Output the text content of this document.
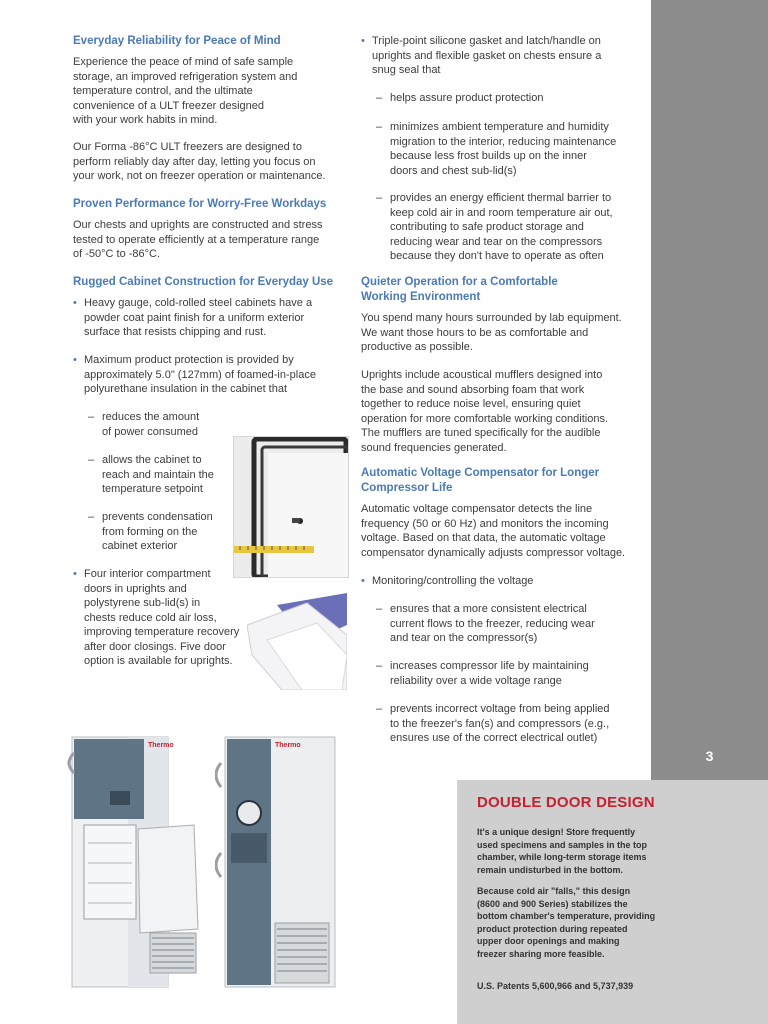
3
Everyday Reliability for Peace of Mind
Experience the peace of mind of safe sample
storage, an improved refrigeration system and
temperature control, and the ultimate
convenience of a ULT freezer designed
with your work habits in mind.
Our Forma -86°C ULT freezers are designed to
perform reliably day after day, letting you focus on
your work, not on freezer operation or maintenance.
Proven Performance for Worry-Free Workdays
Our chests and uprights are constructed and stress
tested to operate efficiently at a temperature range
of -50°C to -86°C.
Rugged Cabinet Construction for Everyday Use
• Heavy gauge, cold-rolled steel cabinets have a
powder coat paint finish for a uniform exterior
surface that resists chipping and rust.
• Maximum product protection is provided by
approximately 5.0" (127mm) of foamed-in-place
polyurethane insulation in the cabinet that
– reduces the amount
of power consumed
– allows the cabinet to
reach and maintain the
temperature setpoint
– prevents condensation
from forming on the
cabinet exterior
• Four interior compartment
doors in uprights and
polystyrene sub-lid(s) in
chests reduce cold air loss,
improving temperature recovery
after door closings. Five door
option is available for uprights.
Thermo	Thermo
• Triple-point silicone gasket and latch/handle on
uprights and flexible gasket on chests ensure a
snug seal that
– helps assure product protection
– minimizes ambient temperature and humidity
migration to the interior, reducing maintenance
because less frost builds up on the inner
doors and chest sub-lid(s)
– provides an energy efficient thermal barrier to
keep cold air in and room temperature air out,
contributing to safe product storage and
reducing wear and tear on the compressors
because they don't have to operate as often
Quieter Operation for a Comfortable
Working Environment
You spend many hours surrounded by lab equipment.
We want those hours to be as comfortable and
productive as possible.
Uprights include acoustical mufflers designed into
the base and sound absorbing foam that work
together to reduce noise level, ensuring quiet
operation for more comfortable working conditions.
The mufflers are tuned specifically for the audible
sound frequencies generated.
Automatic Voltage Compensator for Longer
Compressor Life
Automatic voltage compensator detects the line
frequency (50 or 60 Hz) and monitors the incoming
voltage. Based on that data, the automatic voltage
compensator dynamically adjusts compressor voltage.
• Monitoring/controlling the voltage
– ensures that a more consistent electrical
current flows to the freezer, reducing wear
and tear on the compressor(s)
– increases compressor life by maintaining
reliability over a wide voltage range
– prevents incorrect voltage from being applied
to the freezer's fan(s) and compressors (e.g.,
ensures use of the correct electrical outlet)
DOUBLE DOOR DESIGN

It's a unique design! Store frequently
used specimens and samples in the top
chamber, while long-term storage items
remain undisturbed in the bottom.

Because cold air "falls," this design
(8600 and 900 Series) stabilizes the
bottom chamber's temperature, providing
product protection during repeated
upper door openings and making
freezer sharing more feasible.

U.S. Patents 5,600,966 and 5,737,939
